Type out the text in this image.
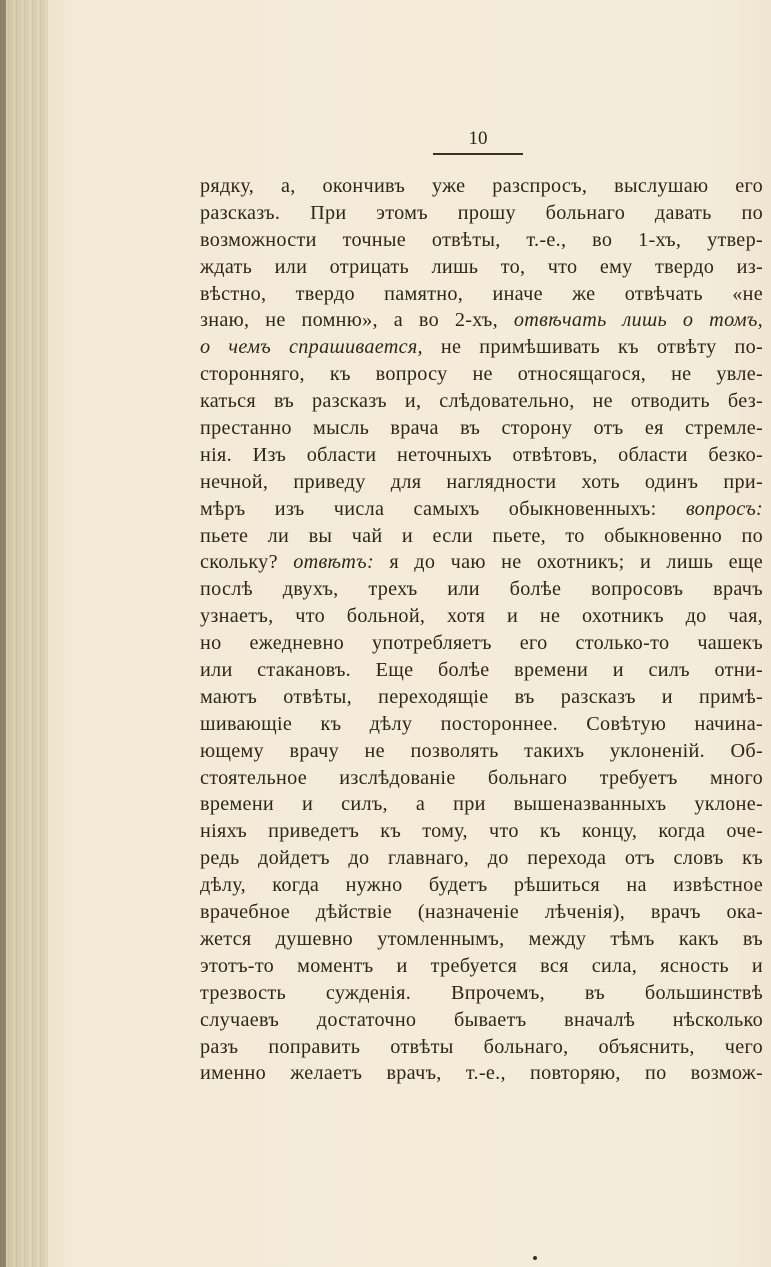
10
рядку, а, окончивъ уже разспросъ, выслушаю его
разсказъ. При этомъ прошу больнаго давать по
возможности точные отвѣты, т.-е., во 1-хъ, утвер-
ждать или отрицать лишь то, что ему твердо из-
вѣстно, твердо памятно, иначе же отвѣчать «не
знаю, не помню», а во 2-хъ, отвѣчать лишь о томъ,
о чемъ спрашивается, не примѣшивать къ отвѣту по-
сторонняго, къ вопросу не относящагося, не увле-
каться въ разсказъ и, слѣдовательно, не отводить без-
престанно мысль врача въ сторону отъ ея стремле-
нія. Изъ области неточныхъ отвѣтовъ, области безко-
нечной, приведу для наглядности хоть одинъ при-
мѣръ изъ числа самыхъ обыкновенныхъ: вопросъ:
пьете ли вы чай и если пьете, то обыкновенно по
скольку? отвѣтъ: я до чаю не охотникъ; и лишь еще
послѣ двухъ, трехъ или болѣе вопросовъ врачъ
узнаетъ, что больной, хотя и не охотникъ до чая,
но ежедневно употребляетъ его столько-то чашекъ
или стакановъ. Еще болѣе времени и силъ отни-
маютъ отвѣты, переходящіе въ разсказъ и примѣ-
шивающіе къ дѣлу постороннее. Совѣтую начина-
ющему врачу не позволять такихъ уклоненій. Об-
стоятельное изслѣдованіе больнаго требуетъ много
времени и силъ, а при вышеназванныхъ уклоне-
ніяхъ приведетъ къ тому, что къ концу, когда оче-
редь дойдетъ до главнаго, до перехода отъ словъ къ
дѣлу, когда нужно будетъ рѣшиться на извѣстное
врачебное дѣйствіе (назначеніе лѣченія), врачъ ока-
жется душевно утомленнымъ, между тѣмъ какъ въ
этотъ-то моментъ и требуется вся сила, ясность и
трезвость сужденія. Впрочемъ, въ большинствѣ
случаевъ достаточно бываетъ вначалѣ нѣсколько
разъ поправить отвѣты больнаго, объяснить, чего
именно желаетъ врачъ, т.-е., повторяю, по возмож-
